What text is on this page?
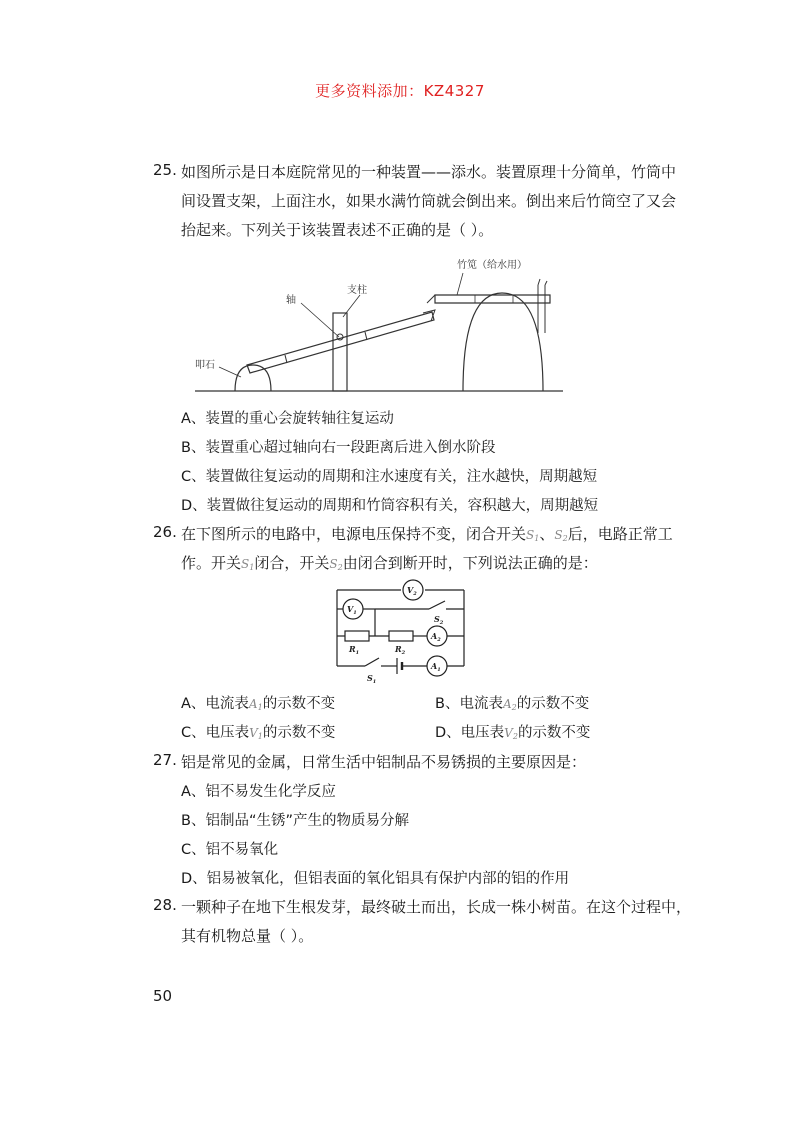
更多资料添加：KZ4327
25. 如图所示是日本庭院常见的一种装置——添水。装置原理十分简单，竹筒中
间设置支架，上面注水，如果水满竹筒就会倒出来。倒出来后竹筒空了又会
抬起来。下列关于该装置表述不正确的是（ ）。
竹笕（给水用）
支柱
轴
叩石
A、装置的重心会旋转轴往复运动
B、装置重心超过轴向右一段距离后进入倒水阶段
C、装置做往复运动的周期和注水速度有关，注水越快，周期越短
D、装置做往复运动的周期和竹筒容积有关，容积越大，周期越短
26. 在下图所示的电路中，电源电压保持不变，闭合开关$S_1$、$S_2$后，电路正常工
作。开关$S_1$闭合，开关$S_2$由闭合到断开时，下列说法正确的是：
$V_2$
$V_1$
$S_2$
$R_1$	$R_2$
$A_2$
$S_1$
$A_1$
A、电流表$A_1$的示数不变	B、电流表$A_2$的示数不变
C、电压表$V_1$的示数不变	D、电压表$V_2$的示数不变
27. 铝是常见的金属，日常生活中铝制品不易锈损的主要原因是：
A、铝不易发生化学反应
B、铝制品“生锈”产生的物质易分解
C、铝不易氧化
D、铝易被氧化，但铝表面的氧化铝具有保护内部的铝的作用
28. 一颗种子在地下生根发芽，最终破土而出，长成一株小树苗。在这个过程中，
其有机物总量（ ）。
50
